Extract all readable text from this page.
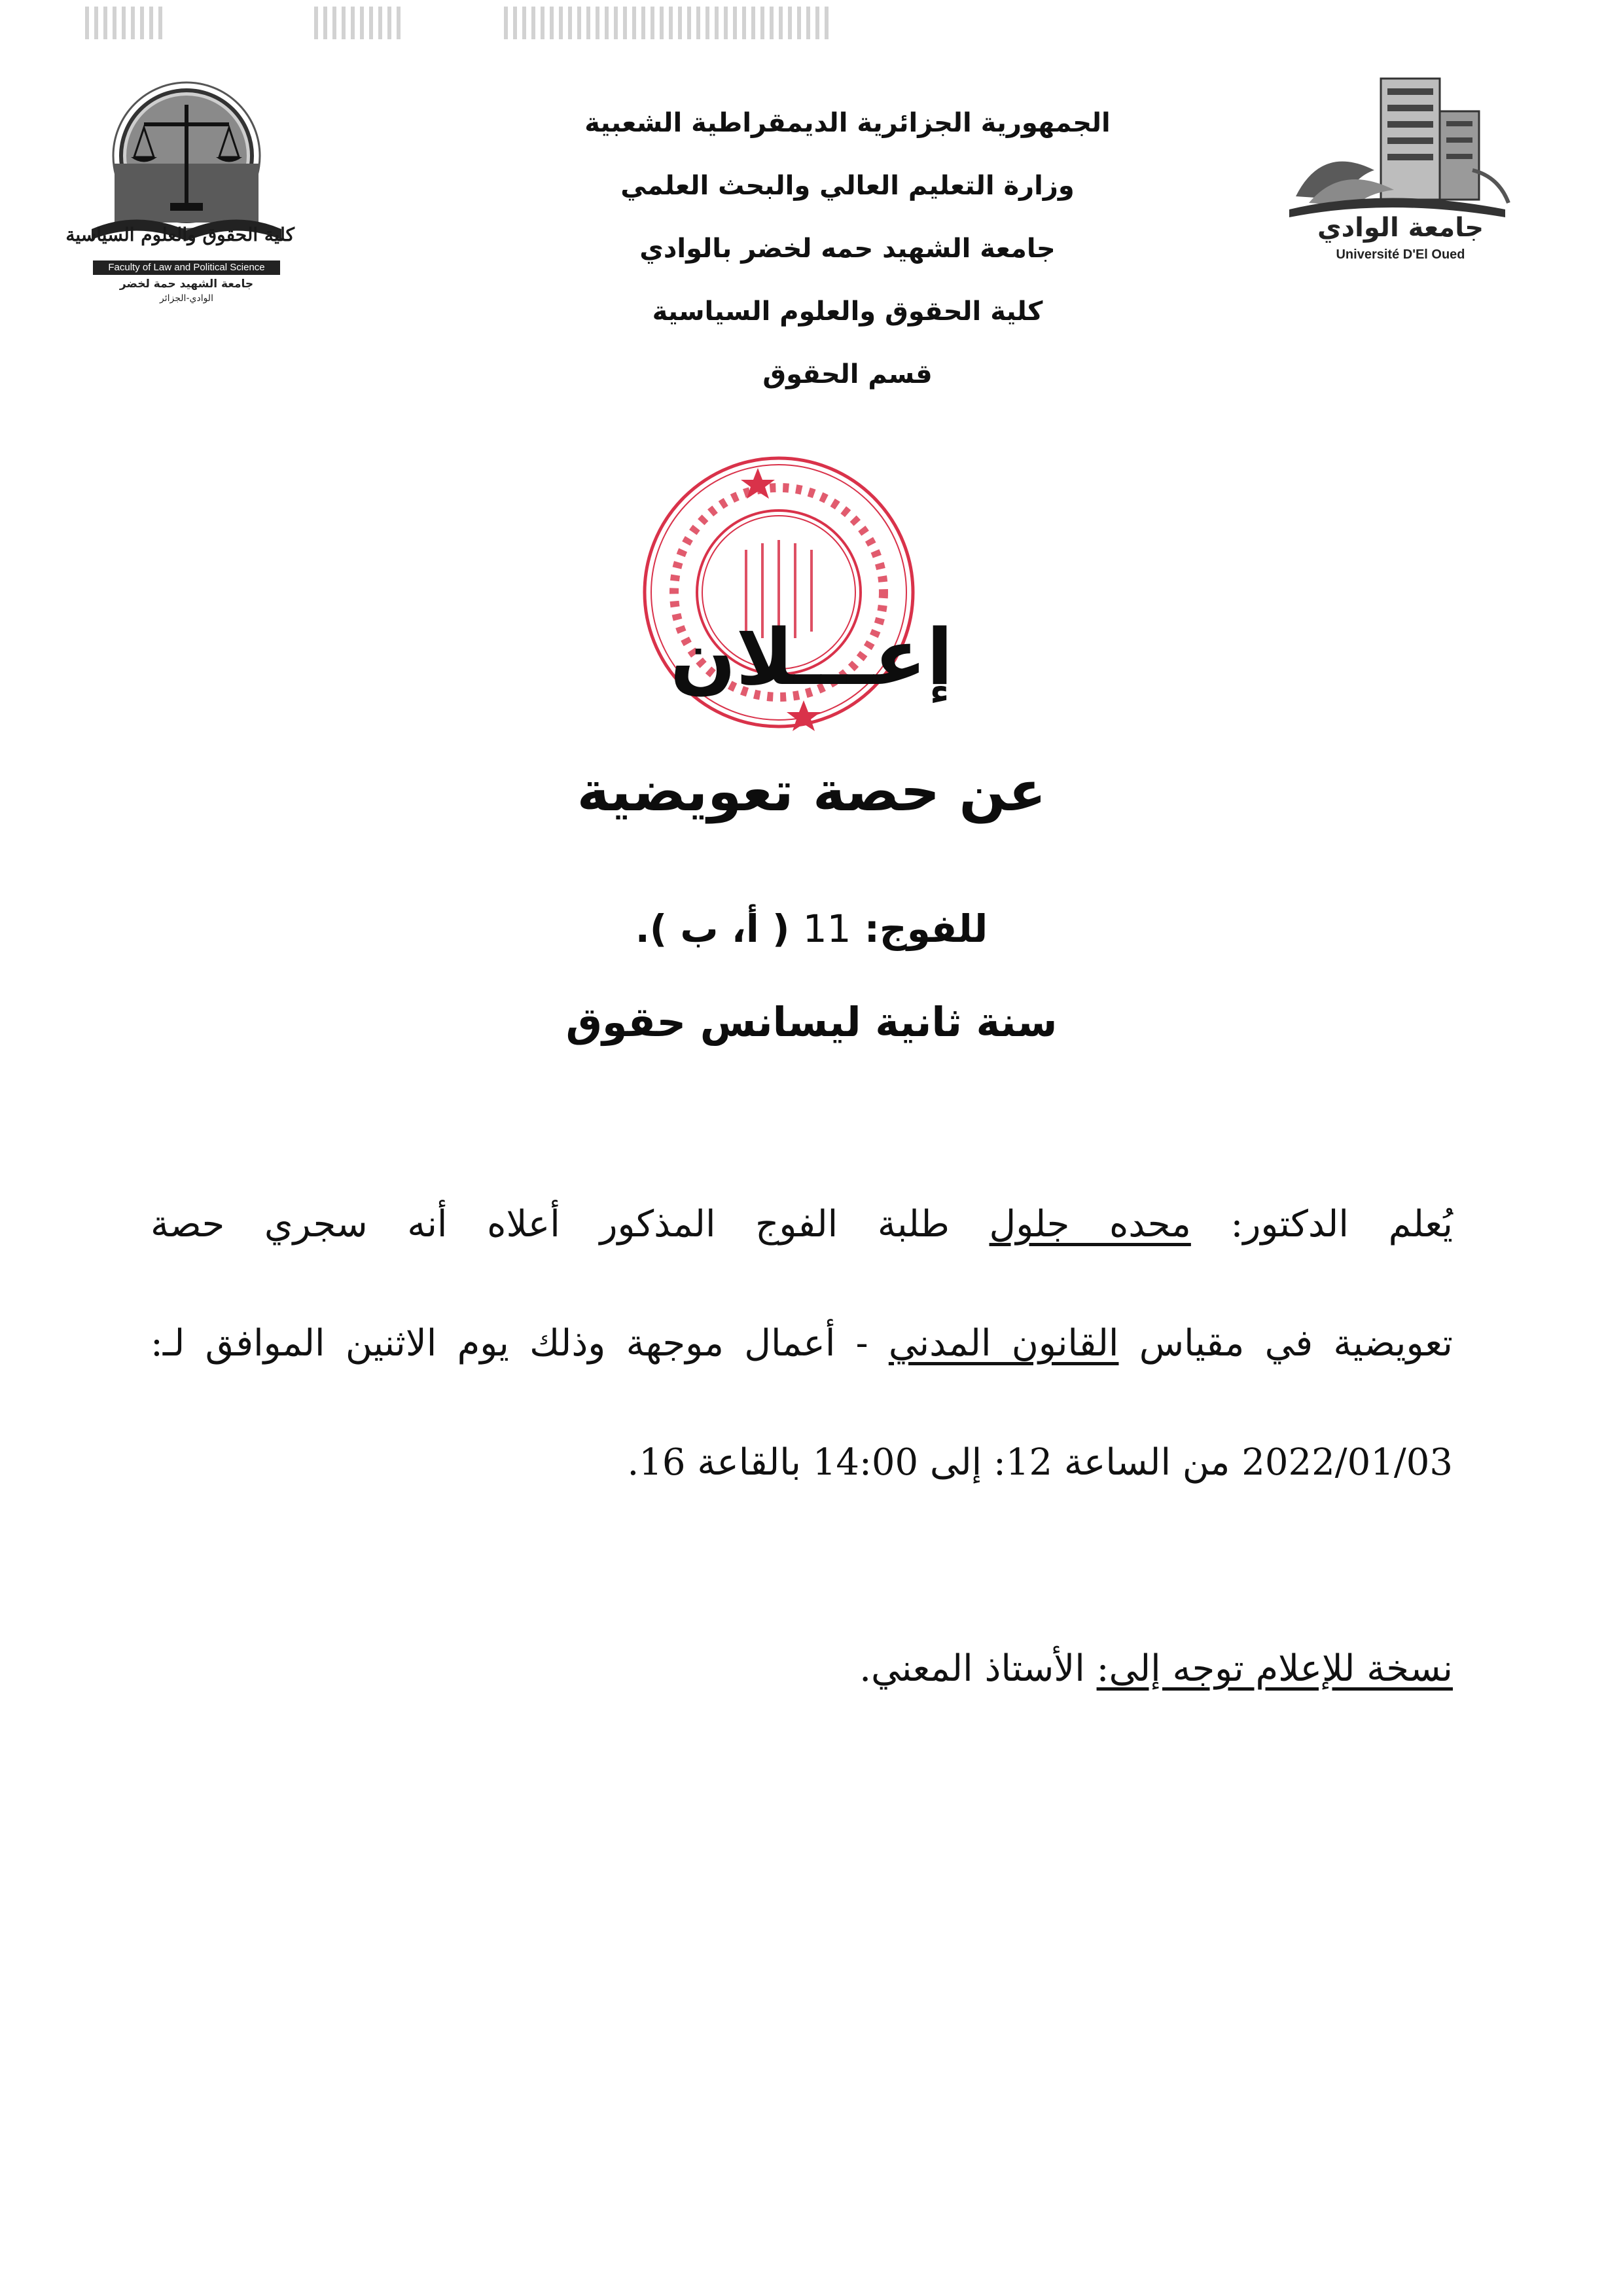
كلية الحقوق والعلوم السياسية
Faculty of Law and Political Science
جامعة الشهيد حمة لخضر
الوادي-الجزائر
الجمهورية الجزائرية الديمقراطية الشعبية
وزارة التعليم العالي والبحث العلمي
جامعة الشهيد حمه لخضر بالوادي
كلية الحقوق والعلوم السياسية
قسم الحقوق
جامعة الوادي
Université D'El Oued
إعـــلان
عن حصة تعويضية
للفوج: 11 ( أ، ب ).
سنة ثانية ليسانس حقوق
يُعلم الدكتور: محده جلول طلبة الفوج المذكور أعلاه أنه سجري حصة
تعويضية في مقياس القانون المدني - أعمال موجهة وذلك يوم الاثنين الموافق لـ:
2022/01/03 من الساعة 12: إلى 14:00 بالقاعة 16.
نسخة للإعلام توجه إلى: الأستاذ المعني.
